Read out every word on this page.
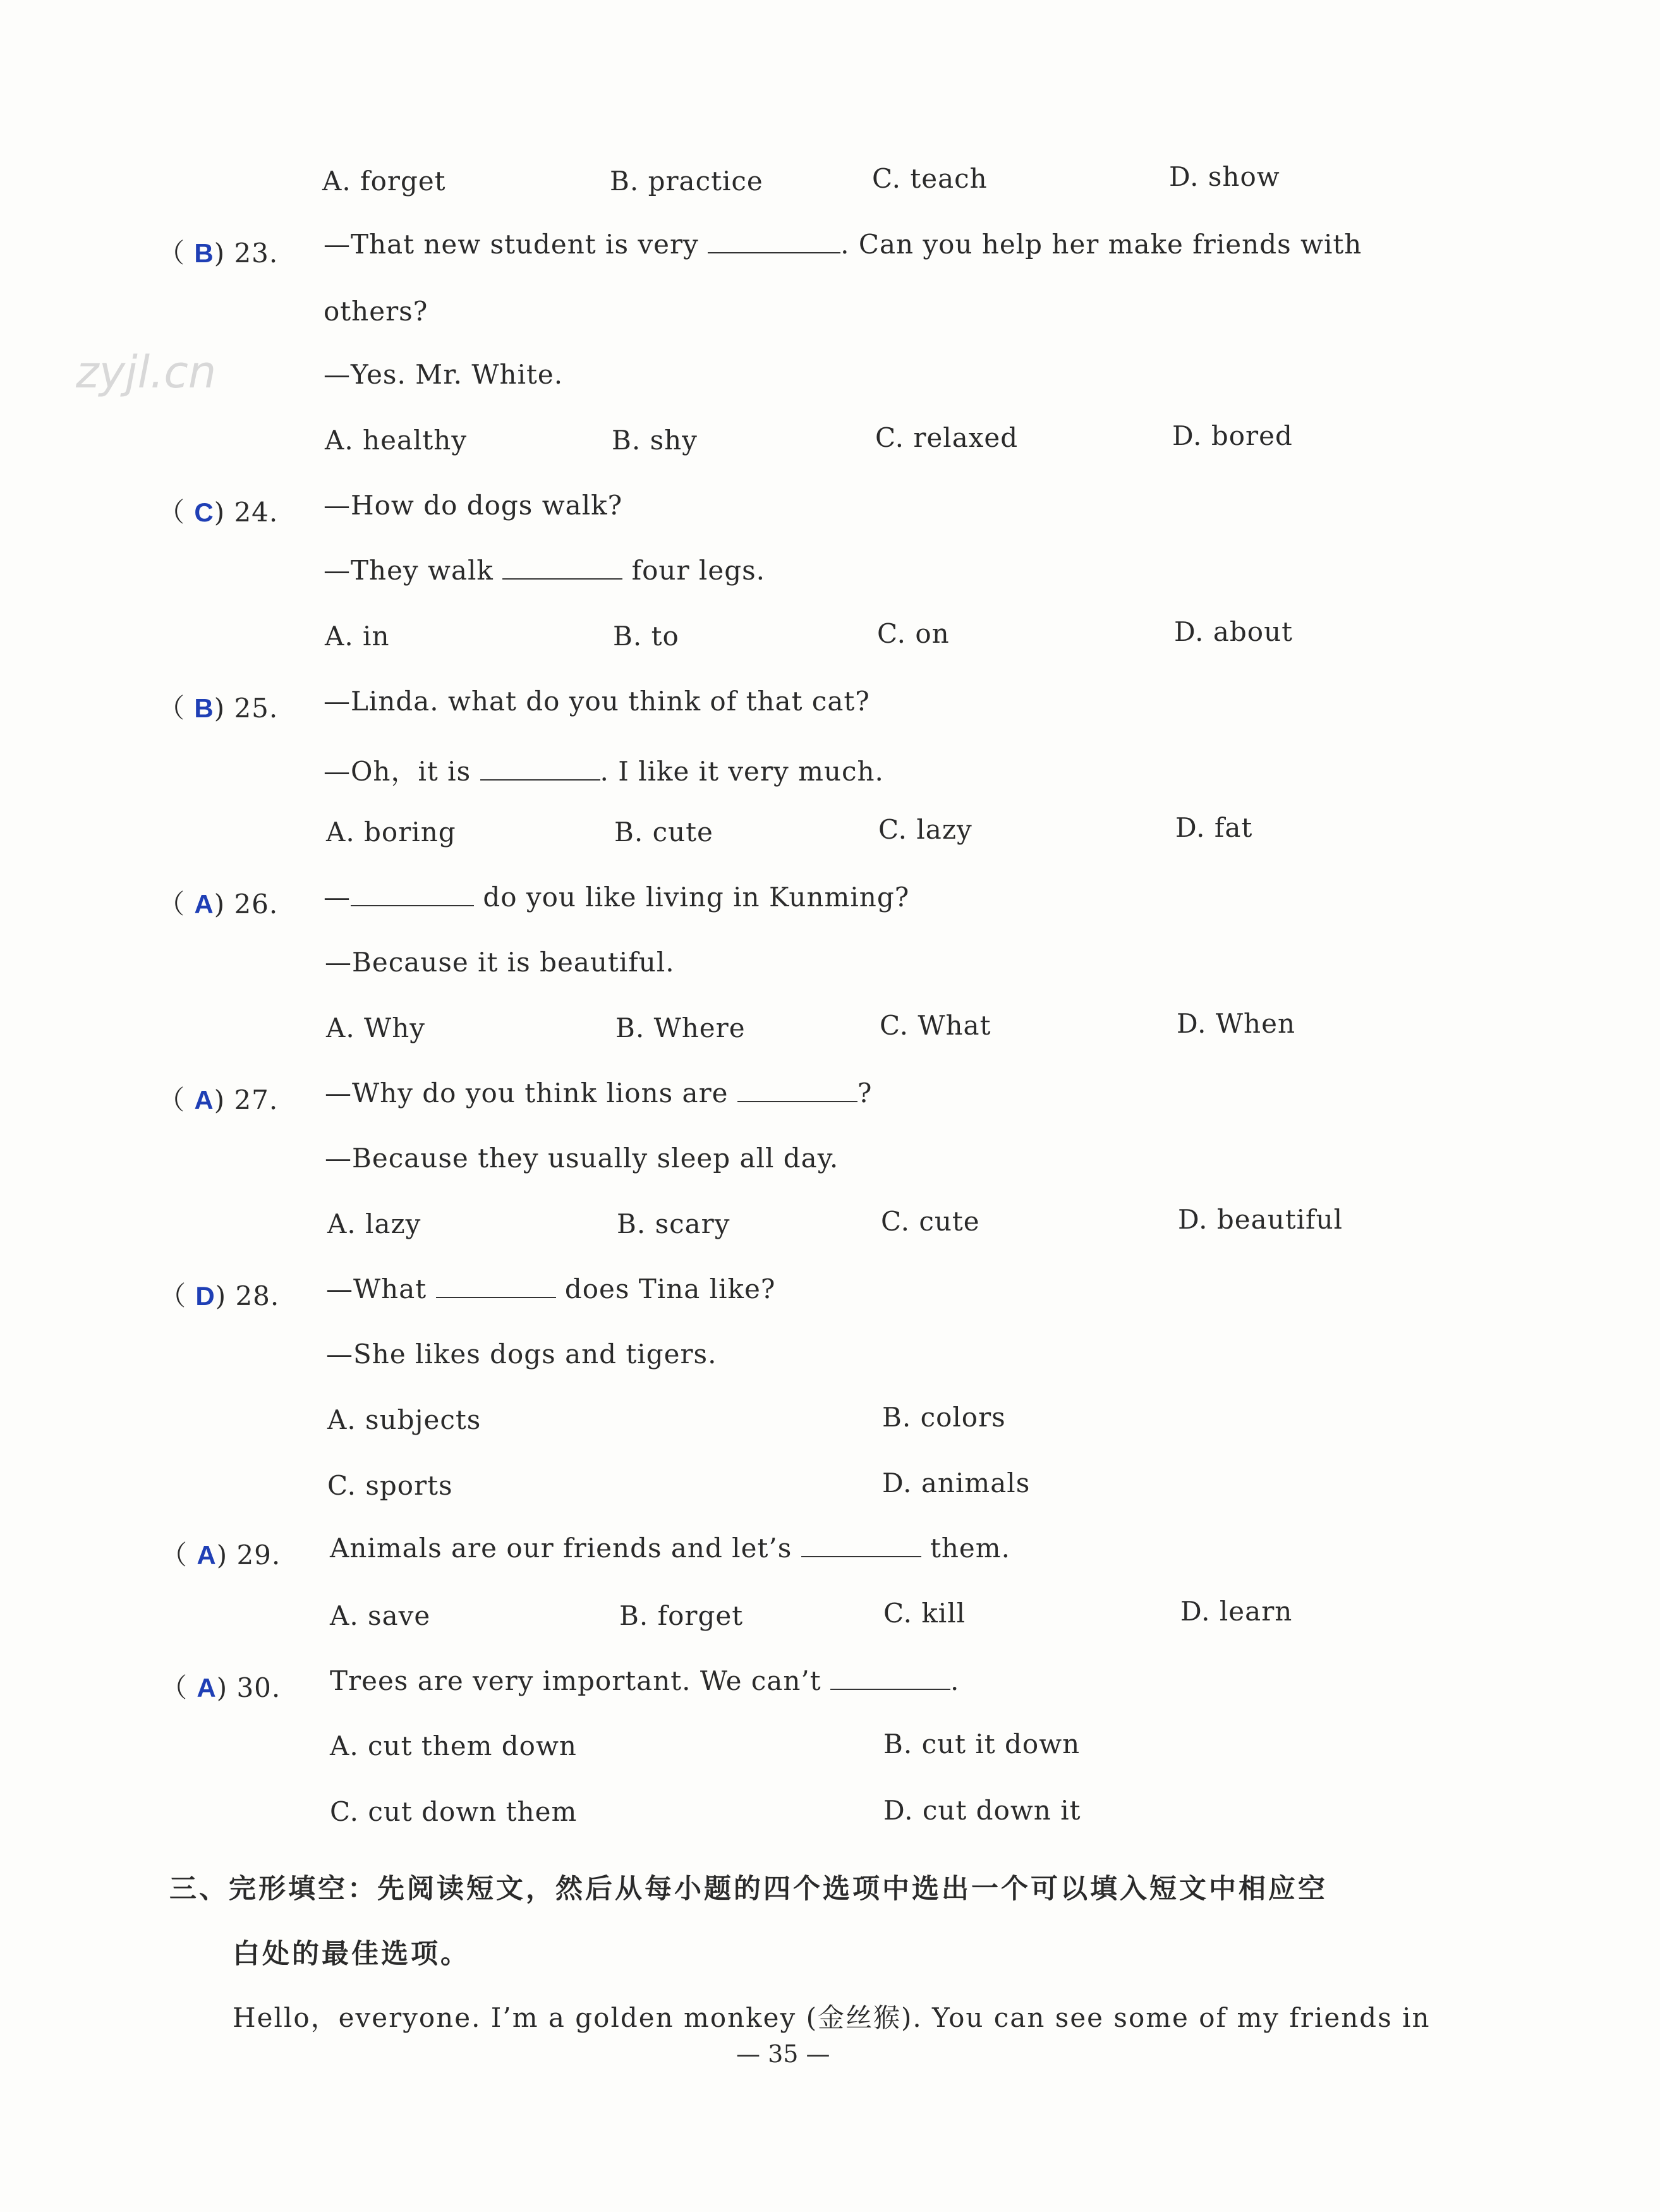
zyjl.cn
A. forget	B. practice	C. teach	D. show
（ B) 23. —That new student is very	. Can you help her make friends with
others?
—Yes. Mr. White.
A. healthy	B. shy	C. relaxed	D. bored
（ C) 24. —How do dogs walk?
—They walk	four legs.
A. in	B. to	C. on	D. about
（ B) 25. —Linda. what do you think of that cat?
—Oh，it is	. I like it very much.
A. boring	B. cute	C. lazy	D. fat
（ A) 26. —	do you like living in Kunming?
—Because it is beautiful.
A. Why	B. Where	C. What	D. When
（ A) 27. —Why do you think lions are	?
—Because they usually sleep all day.
A. lazy	B. scary	C. cute	D. beautiful
（ D) 28. —What	does Tina like?
—She likes dogs and tigers.
A. subjects	B. colors
C. sports	D. animals
（ A) 29. Animals are our friends and let’s	them.
A. save	B. forget	C. kill	D. learn
（ A) 30. Trees are very important. We can’t	.
A. cut them down	B. cut it down
C. cut down them	D. cut down it
三、完形填空：先阅读短文，然后从每小题的四个选项中选出一个可以填入短文中相应空
白处的最佳选项。
Hello，everyone. I’m a golden monkey (金丝猴). You can see some of my friends in
— 35 —
